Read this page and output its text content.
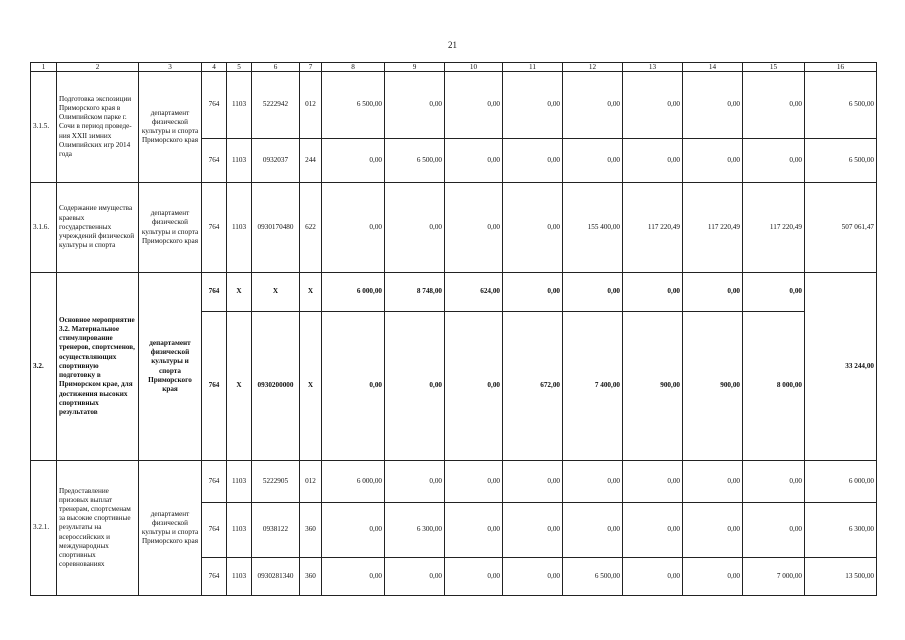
21
1	2	3	4	5	6	7	8	9	10	11	12	13	14	15	16
3.1.5.	Подготовка экспозиции Приморского края в Олимпийском парке г. Сочи в период проведе-ния XXII зимних Олимпийских игр 2014 года	департамент физической культуры и спорта Приморского края	764	1103	5222942	012	6 500,00	0,00	0,00	0,00	0,00	0,00	0,00	0,00	6 500,00
			764	1103	0932037	244	0,00	6 500,00	0,00	0,00	0,00	0,00	0,00	0,00	6 500,00
3.1.6.	Содержание имущества краевых государственных учреждений физической культуры и спорта	департамент физической культуры и спорта Приморского края	764	1103	0930170480	622	0,00	0,00	0,00	0,00	155 400,00	117 220,49	117 220,49	117 220,49	507 061,47
3.2.	Основное мероприятие 3.2. Материальное стимулирование тренеров, спортсменов, осуществляющих спортивную подготовку в Приморском крае, для достижения высоких спортивных результатов	департамент физической культуры и спорта Приморского края	764	Х	Х	Х	6 000,00	8 748,00	624,00	0,00	0,00	0,00	0,00	0,00	33 244,00
			764	Х	0930200000	Х	0,00	0,00	0,00	672,00	7 400,00	900,00	900,00	8 000,00	
3.2.1.	Предоставление призовых выплат тренерам, спортсменам за высокие спортивные результаты на всероссийских и международных спортивных соревнованиях	департамент физической культуры и спорта Приморского края	764	1103	5222905	012	6 000,00	0,00	0,00	0,00	0,00	0,00	0,00	0,00	6 000,00
			764	1103	0938122	360	0,00	6 300,00	0,00	0,00	0,00	0,00	0,00	0,00	6 300,00
			764	1103	0930281340	360	0,00	0,00	0,00	0,00	6 500,00	0,00	0,00	7 000,00	13 500,00
